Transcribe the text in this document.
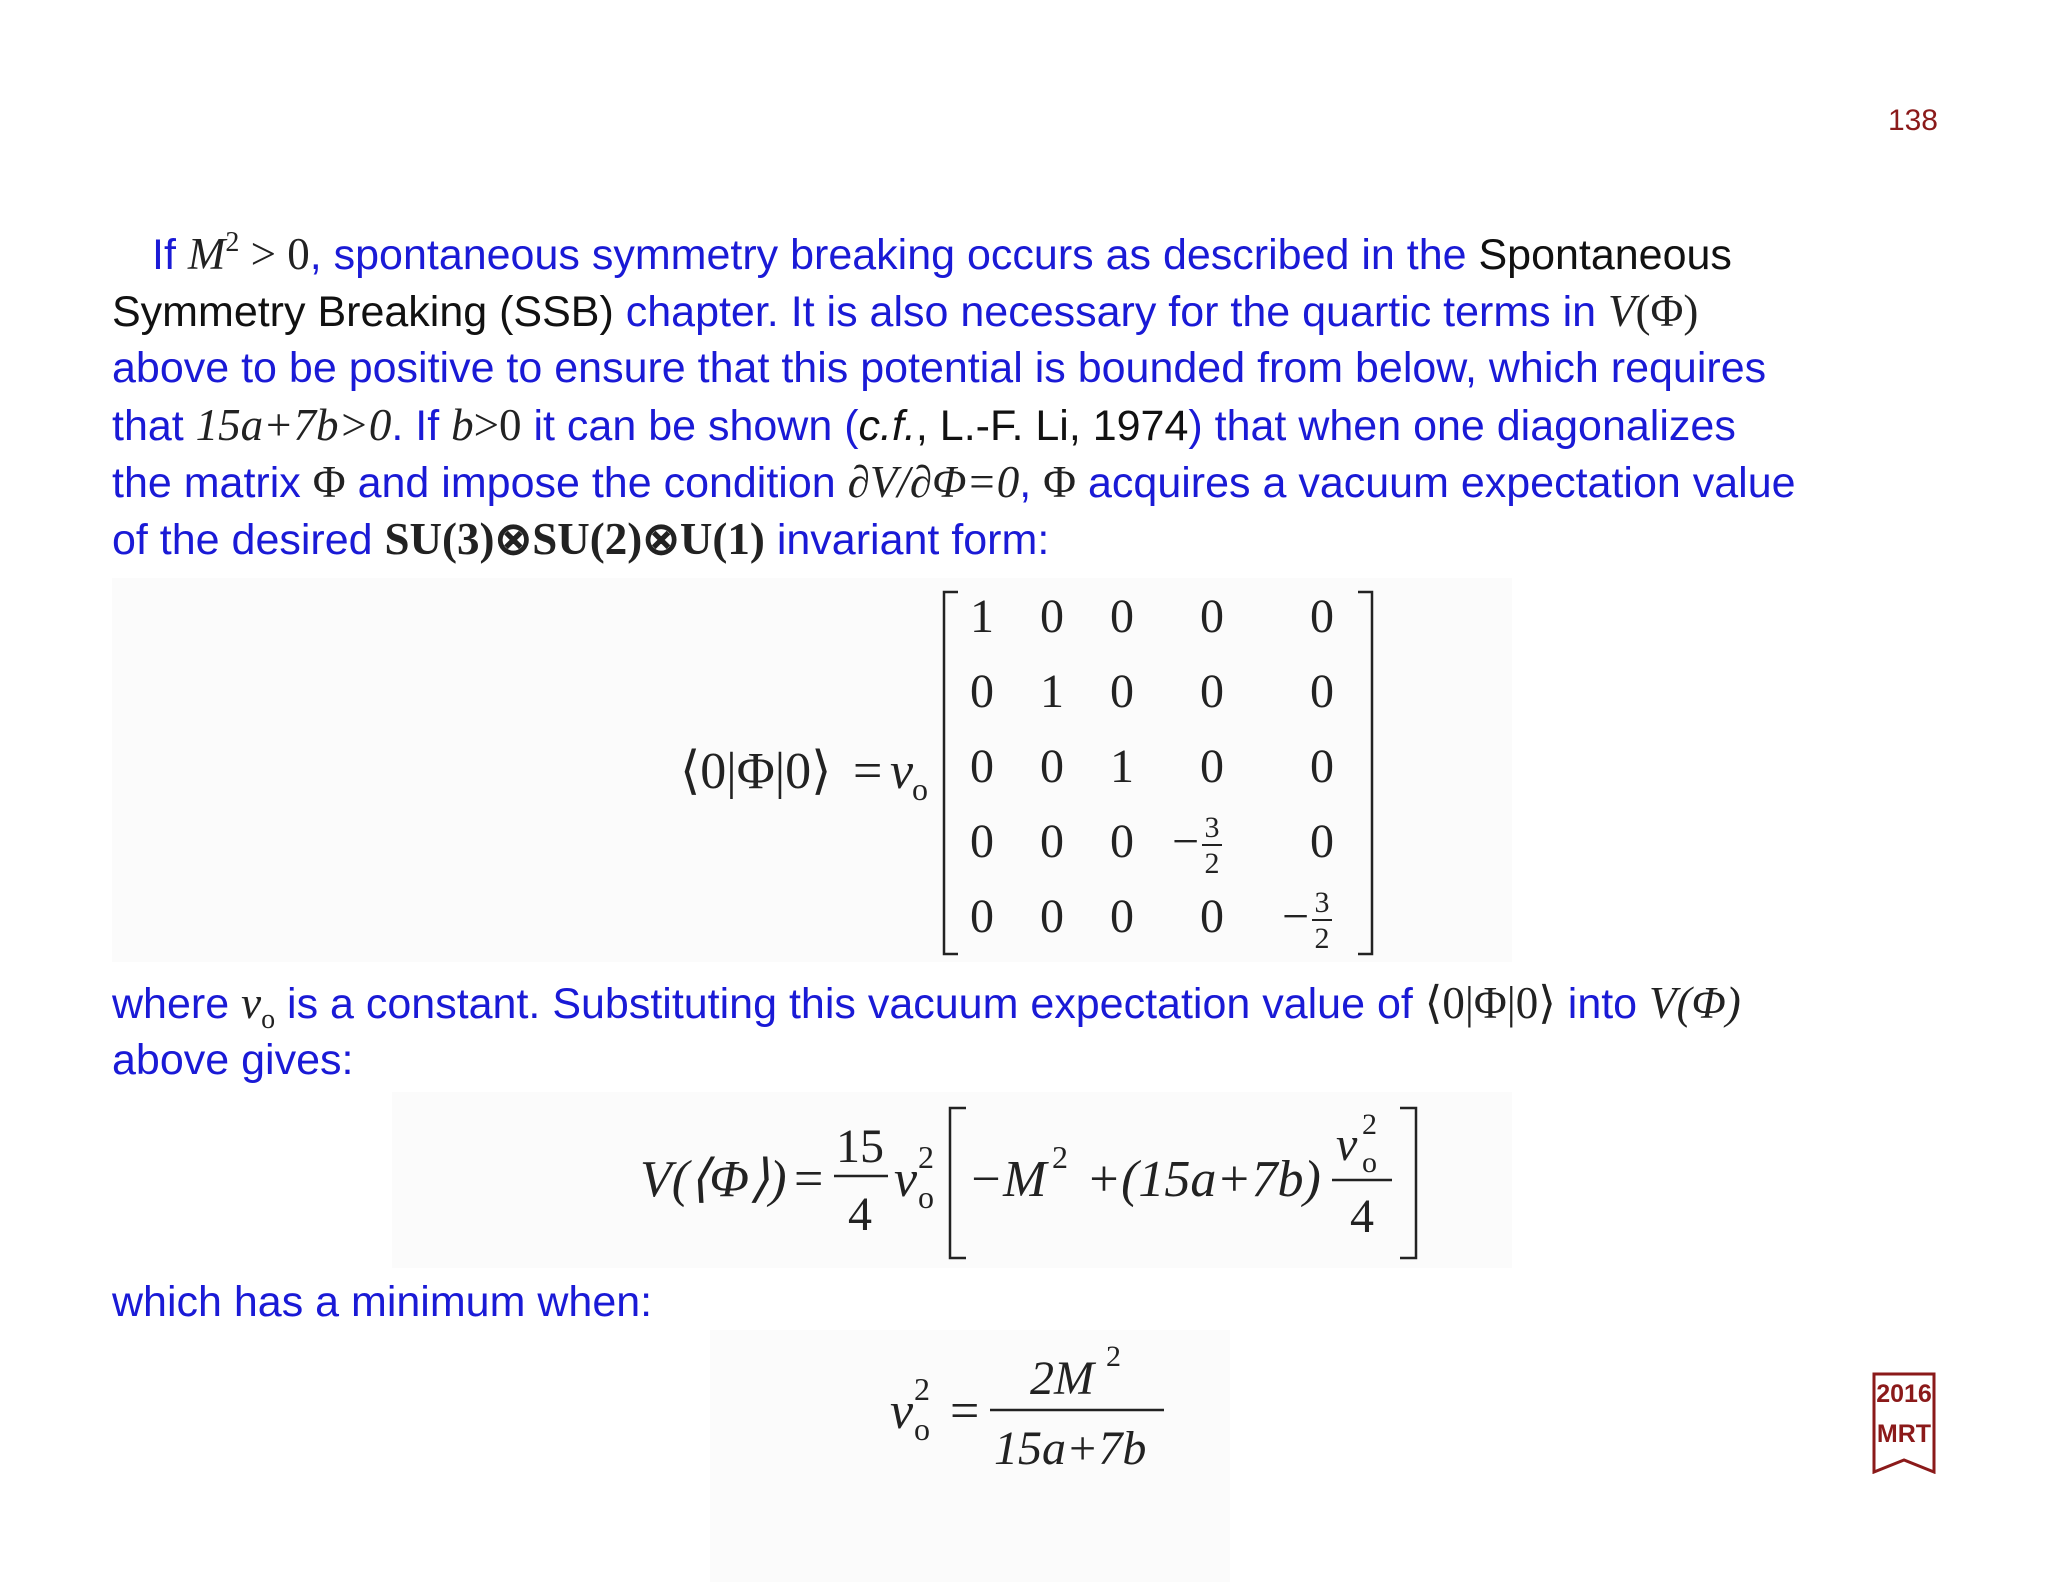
138
If $M^2 > 0$, spontaneous symmetry breaking occurs as described in the Spontaneous
Symmetry Breaking (SSB) chapter. It is also necessary for the quartic terms in V(Φ)
above to be positive to ensure that this potential is bounded from below, which requires
that 15a+7b>0. If b>0 it can be shown (c.f., L.-F. Li, 1974) that when one diagonalizes
the matrix Φ and impose the condition ∂V/∂Φ=0, Φ acquires a vacuum expectation value
of the desired SU(3)⊗SU(2)⊗U(1) invariant form:
⟨0|Φ|0⟩ = v
o
1 0 0 0 0
0 1 0 0 0
0 0 1 0 0
0 0 0 − 3
2 0
0 0 0 0 − 3
2
where $v_o$ is a constant. Substituting this vacuum expectation value of ⟨0|Φ|0⟩ into V(Φ)
above gives:
V(⟨Φ⟩) =
15
4
v 2
o −M 2 +(15a+7b)
v 2
o
4
which has a minimum when:
v 2
o =
2M 2
15a+7b
2016
MRT
